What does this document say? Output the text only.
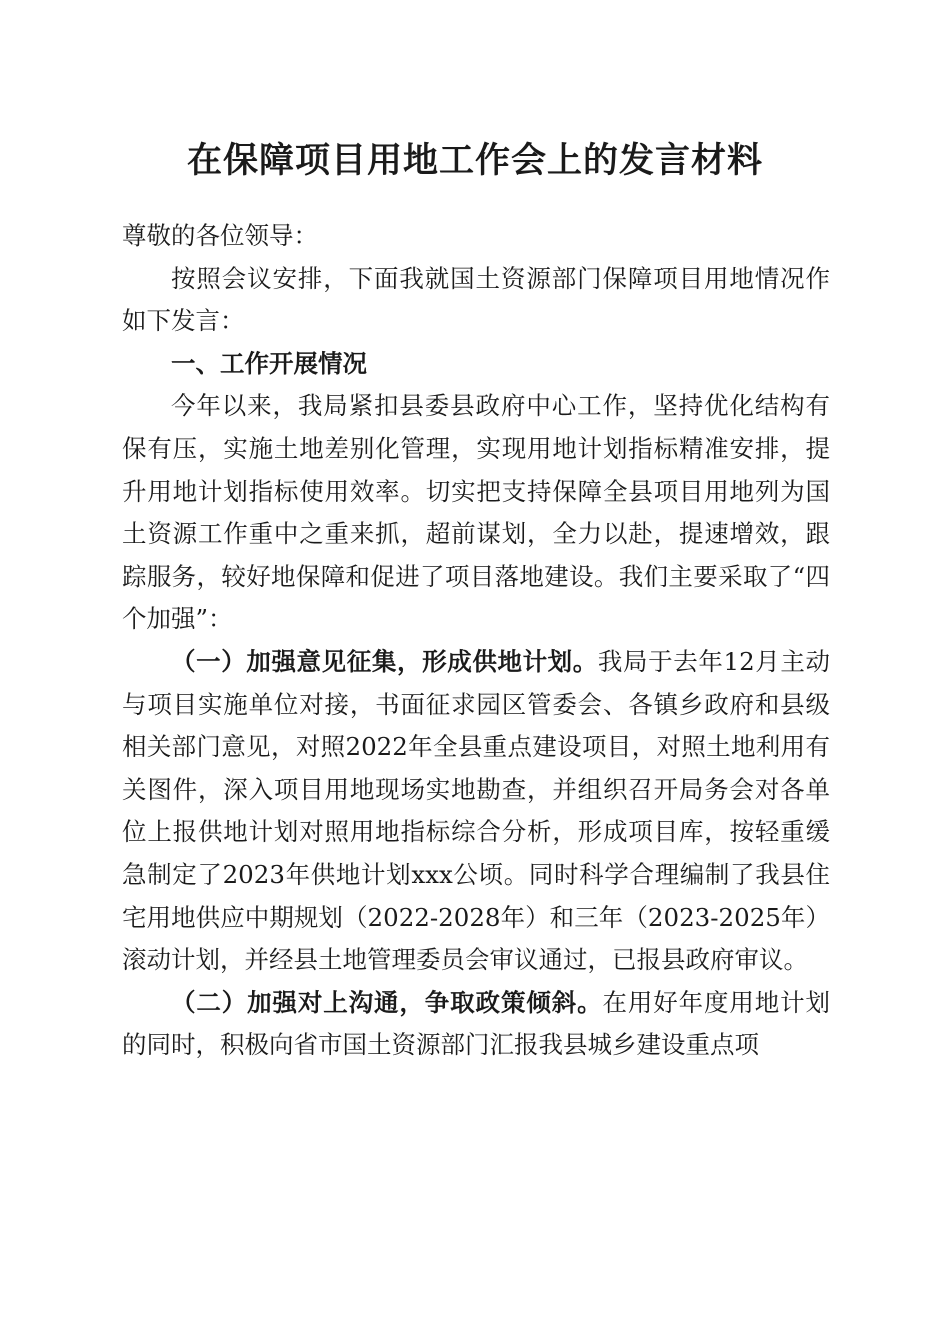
在保障项目用地工作会上的发言材料

尊敬的各位领导：

按照会议安排，下面我就国土资源部门保障项目用地情况作如下发言：

一、工作开展情况

今年以来，我局紧扣县委县政府中心工作，坚持优化结构有保有压，实施土地差别化管理，实现用地计划指标精准安排，提升用地计划指标使用效率。切实把支持保障全县项目用地列为国土资源工作重中之重来抓，超前谋划，全力以赴，提速增效，跟踪服务，较好地保障和促进了项目落地建设。我们主要采取了“四个加强”：

（一）加强意见征集，形成供地计划。我局于去年12月主动与项目实施单位对接，书面征求园区管委会、各镇乡政府和县级相关部门意见，对照2022年全县重点建设项目，对照土地利用有关图件，深入项目用地现场实地勘查，并组织召开局务会对各单位上报供地计划对照用地指标综合分析，形成项目库，按轻重缓急制定了2023年供地计划xxx公顷。同时科学合理编制了我县住宅用地供应中期规划（2022-2028年）和三年（2023-2025年）滚动计划，并经县土地管理委员会审议通过，已报县政府审议。

（二）加强对上沟通，争取政策倾斜。在用好年度用地计划的同时，积极向省市国土资源部门汇报我县城乡建设重点项
